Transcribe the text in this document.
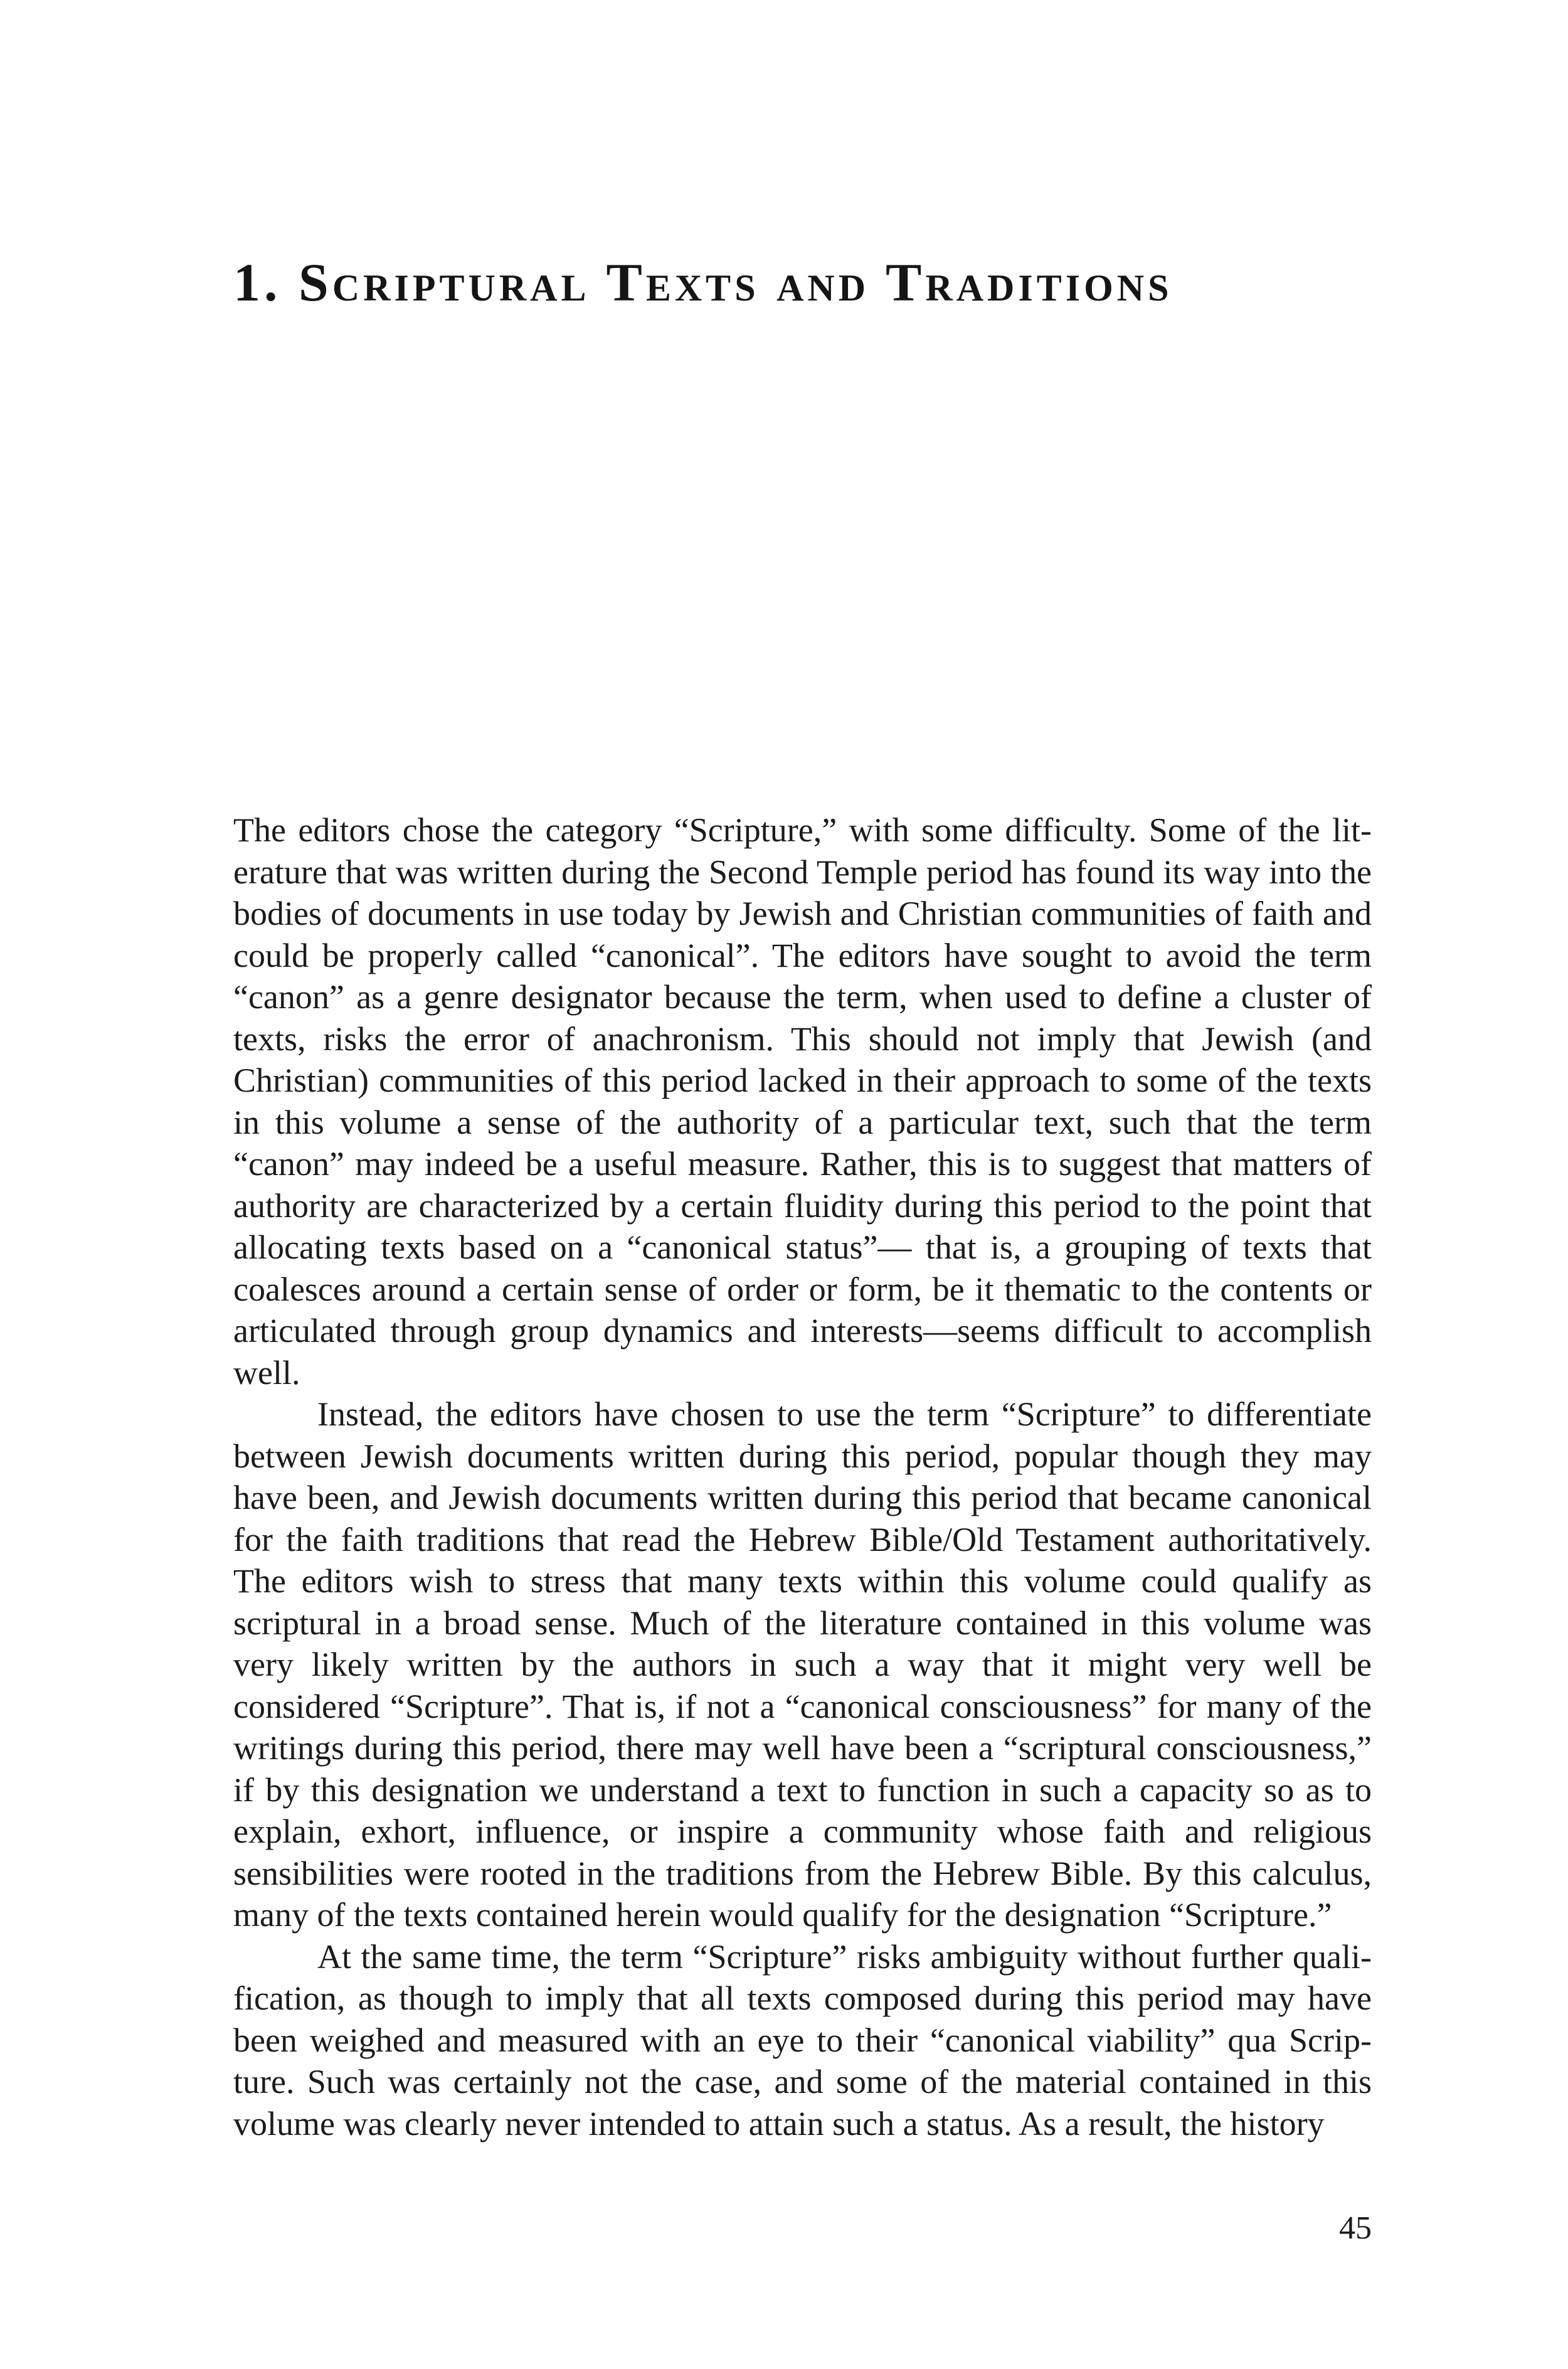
1. Scriptural Texts and Traditions

The editors chose the category “Scripture,” with some difficulty. Some of the literature that was written during the Second Temple period has found its way into the bodies of documents in use today by Jewish and Christian communities of faith and could be properly called “canonical”. The editors have sought to avoid the term “canon” as a genre designator because the term, when used to define a cluster of texts, risks the error of anachronism. This should not imply that Jewish (and Christian) communities of this period lacked in their approach to some of the texts in this volume a sense of the authority of a particular text, such that the term “canon” may indeed be a useful measure. Rather, this is to suggest that matters of authority are characterized by a certain fluidity during this period to the point that allocating texts based on a “canonical status”— that is, a grouping of texts that coalesces around a certain sense of order or form, be it thematic to the contents or articulated through group dynamics and interests—seems difficult to accomplish well.

Instead, the editors have chosen to use the term “Scripture” to differentiate between Jewish documents written during this period, popular though they may have been, and Jewish documents written during this period that became canonical for the faith traditions that read the Hebrew Bible/Old Testament authoritatively. The editors wish to stress that many texts within this volume could qualify as scriptural in a broad sense. Much of the literature contained in this volume was very likely written by the authors in such a way that it might very well be considered “Scripture”. That is, if not a “canonical consciousness” for many of the writings during this period, there may well have been a “scriptural consciousness,” if by this designation we understand a text to function in such a capacity so as to explain, exhort, influence, or inspire a community whose faith and religious sensibilities were rooted in the traditions from the Hebrew Bible. By this calculus, many of the texts contained herein would qualify for the designation “Scripture.”

At the same time, the term “Scripture” risks ambiguity without further qualification, as though to imply that all texts composed during this period may have been weighed and measured with an eye to their “canonical viability” qua Scripture. Such was certainly not the case, and some of the material contained in this volume was clearly never intended to attain such a status. As a result, the history

45
